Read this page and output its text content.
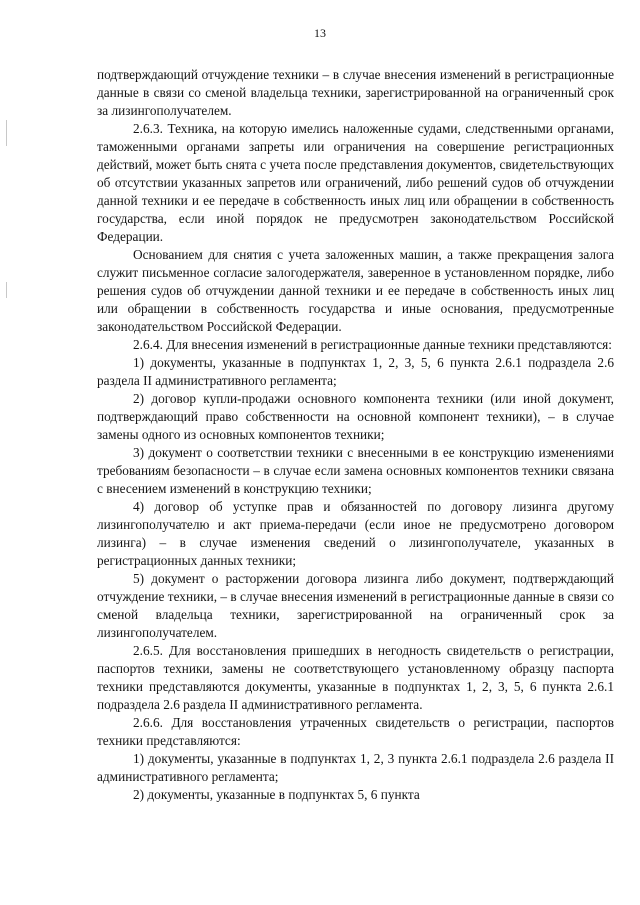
13

подтверждающий отчуждение техники – в случае внесения изменений в регистрационные данные в связи со сменой владельца техники, зарегистрированной на ограниченный срок за лизингополучателем.

2.6.3. Техника, на которую имелись наложенные судами, следственными органами, таможенными органами запреты или ограничения на совершение регистрационных действий, может быть снята с учета после представления документов, свидетельствующих об отсутствии указанных запретов или ограничений, либо решений судов об отчуждении данной техники и ее передаче в собственность иных лиц или обращении в собственность государства, если иной порядок не предусмотрен законодательством Российской Федерации.

Основанием для снятия с учета заложенных машин, а также прекращения залога служит письменное согласие залогодержателя, заверенное в установленном порядке, либо решения судов об отчуждении данной техники и ее передаче в собственность иных лиц или обращении в собственность государства и иные основания, предусмотренные законодательством Российской Федерации.

2.6.4. Для внесения изменений в регистрационные данные техники представляются:

1) документы, указанные в подпунктах 1, 2, 3, 5, 6 пункта 2.6.1 подраздела 2.6 раздела II административного регламента;

2) договор купли-продажи основного компонента техники (или иной документ, подтверждающий право собственности на основной компонент техники), – в случае замены одного из основных компонентов техники;

3) документ о соответствии техники с внесенными в ее конструкцию изменениями требованиям безопасности – в случае если замена основных компонентов техники связана с внесением изменений в конструкцию техники;

4) договор об уступке прав и обязанностей по договору лизинга другому лизингополучателю и акт приема-передачи (если иное не предусмотрено договором лизинга) – в случае изменения сведений о лизингополучателе, указанных в регистрационных данных техники;

5) документ о расторжении договора лизинга либо документ, подтверждающий отчуждение техники, – в случае внесения изменений в регистрационные данные в связи со сменой владельца техники, зарегистрированной на ограниченный срок за лизингополучателем.

2.6.5. Для восстановления пришедших в негодность свидетельств о регистрации, паспортов техники, замены не соответствующего установленному образцу паспорта техники представляются документы, указанные в подпунктах 1, 2, 3, 5, 6 пункта 2.6.1 подраздела 2.6 раздела II административного регламента.

2.6.6. Для восстановления утраченных свидетельств о регистрации, паспортов техники представляются:

1) документы, указанные в подпунктах 1, 2, 3 пункта 2.6.1 подраздела 2.6 раздела II административного регламента;

2) документы, указанные в подпунктах 5, 6 пункта
